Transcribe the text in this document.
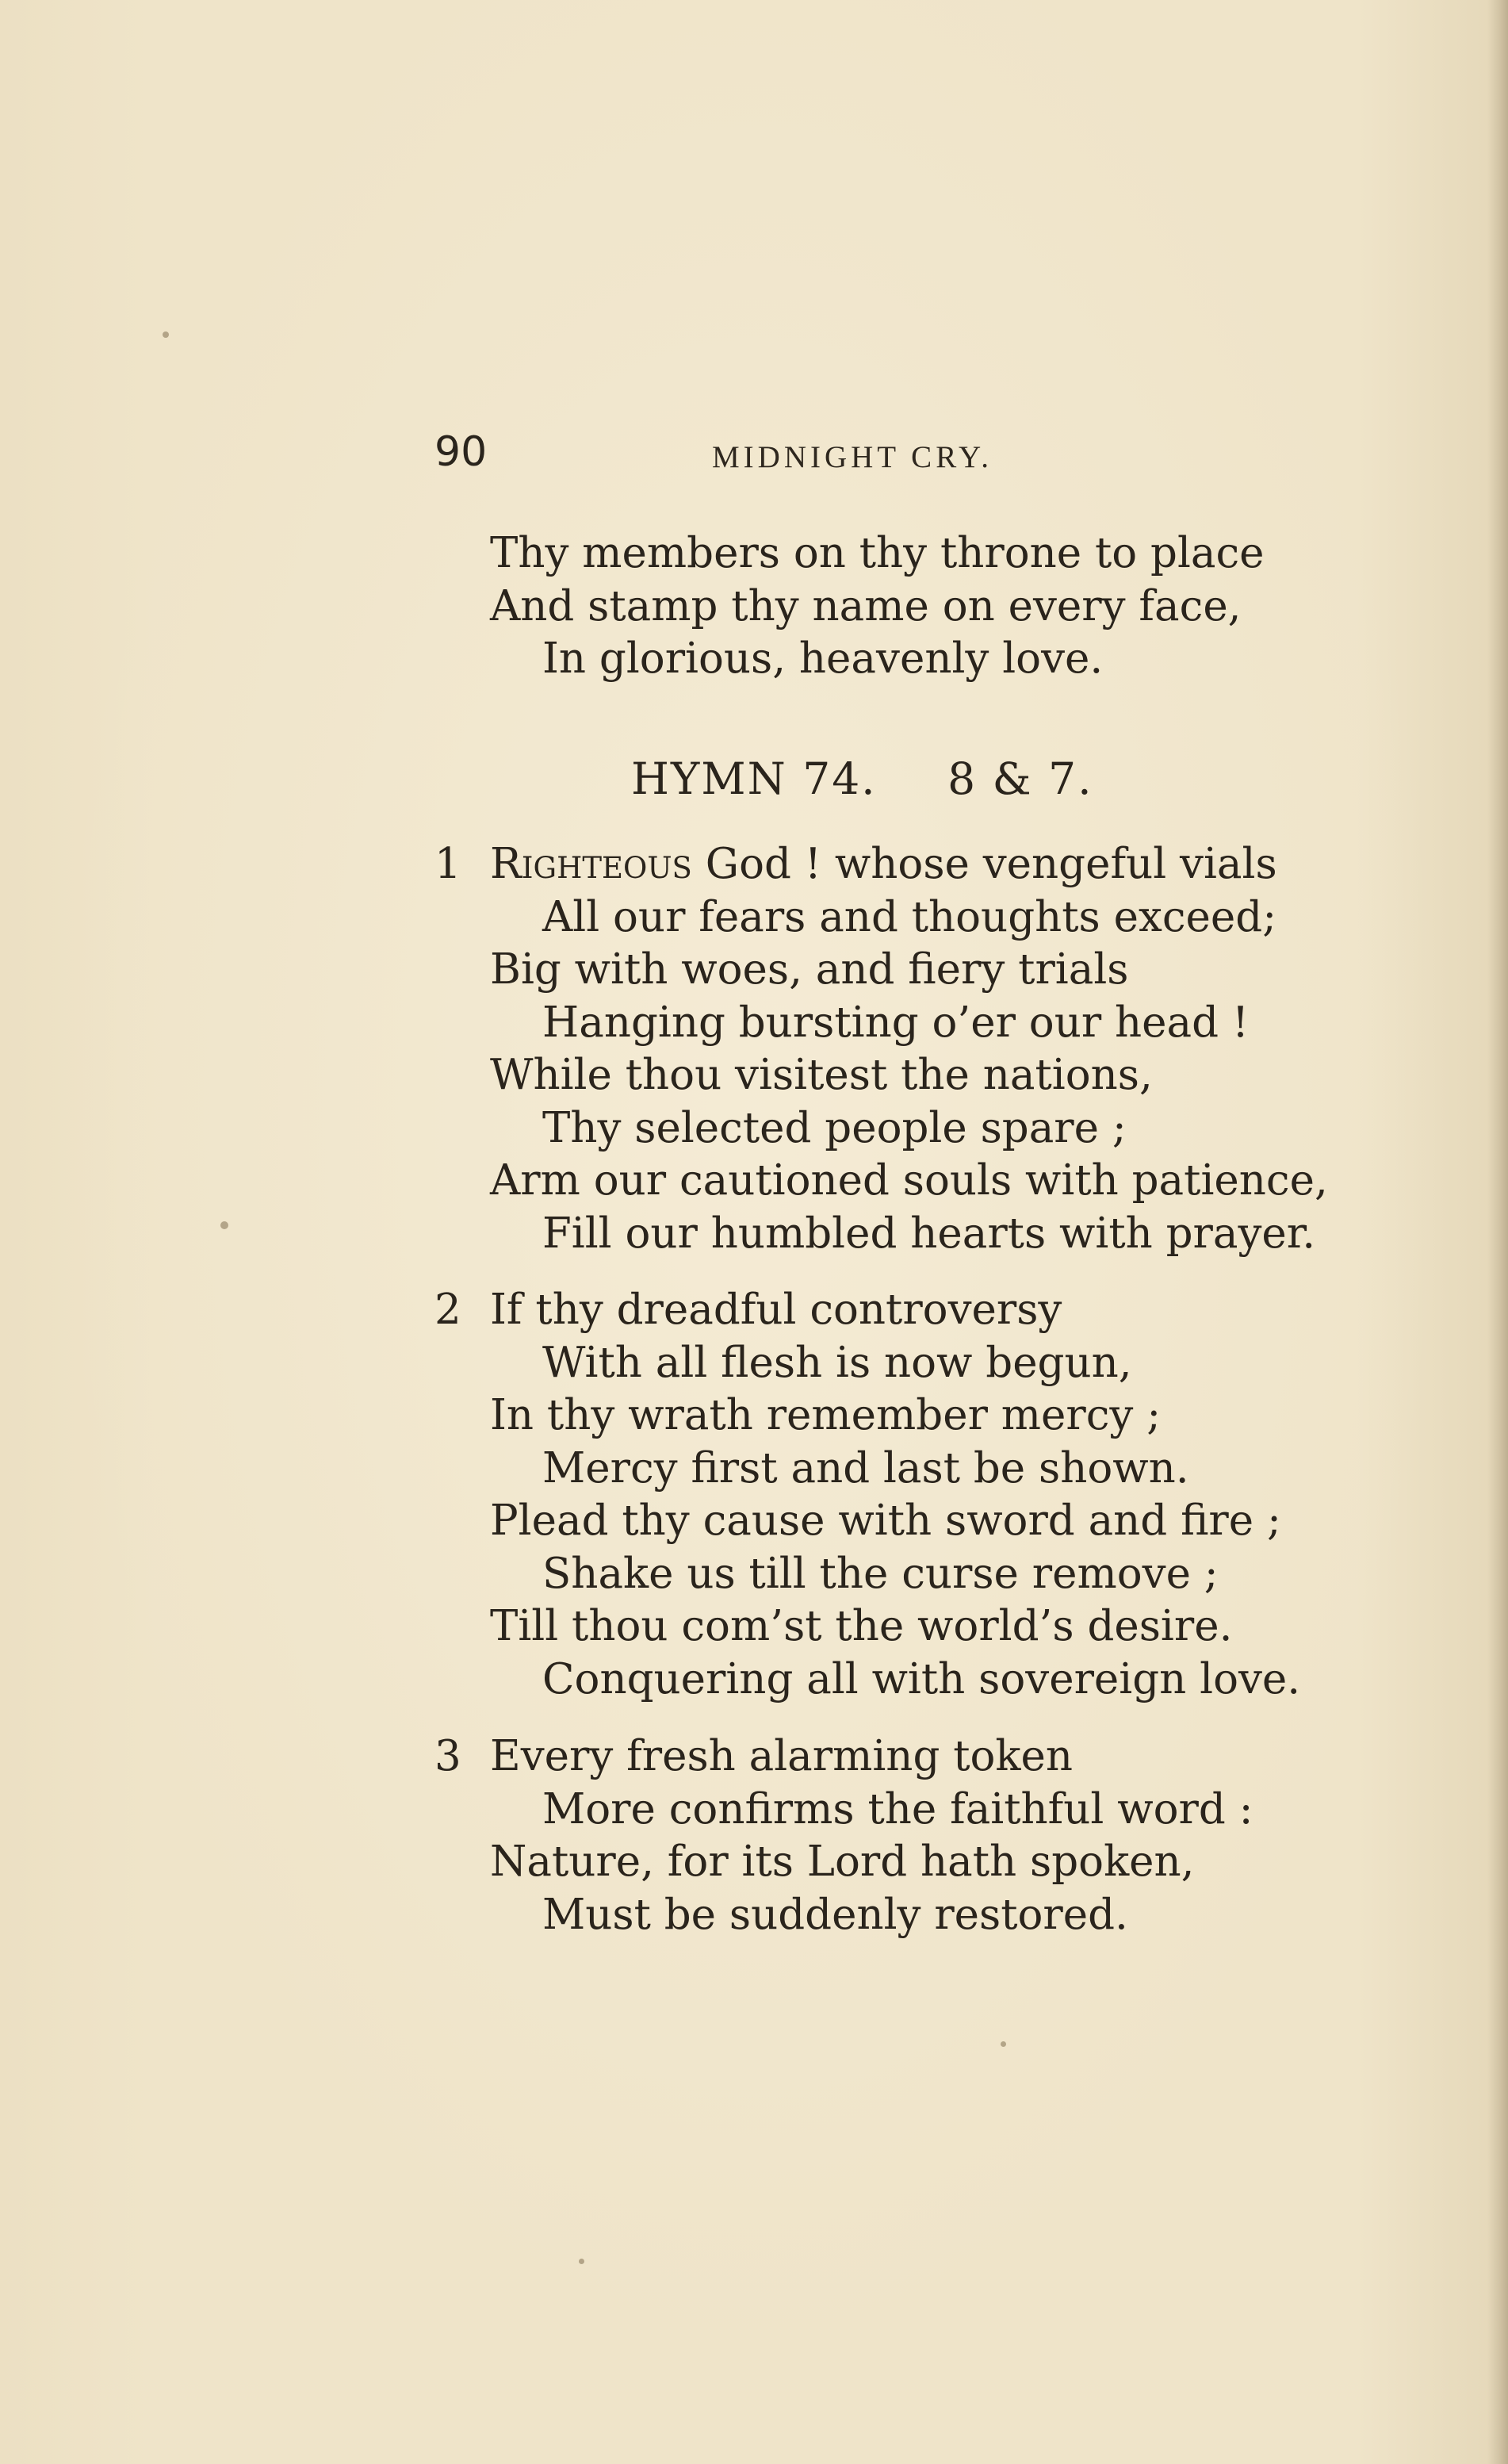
90	MIDNIGHT CRY.
Thy members on thy throne to place
And stamp thy name on every face,
In glorious, heavenly love.
HYMN 74. 8 & 7.
1 Righteous God ! whose vengeful vials
All our fears and thoughts exceed;
Big with woes, and fiery trials
Hanging bursting o’er our head !
While thou visitest the nations,
Thy selected people spare ;
Arm our cautioned souls with patience,
Fill our humbled hearts with prayer.
2 If thy dreadful controversy
With all flesh is now begun,
In thy wrath remember mercy ;
Mercy first and last be shown.
Plead thy cause with sword and fire ;
Shake us till the curse remove ;
Till thou com’st the world’s desire.
Conquering all with sovereign love.
3 Every fresh alarming token
More confirms the faithful word :
Nature, for its Lord hath spoken,
Must be suddenly restored.
